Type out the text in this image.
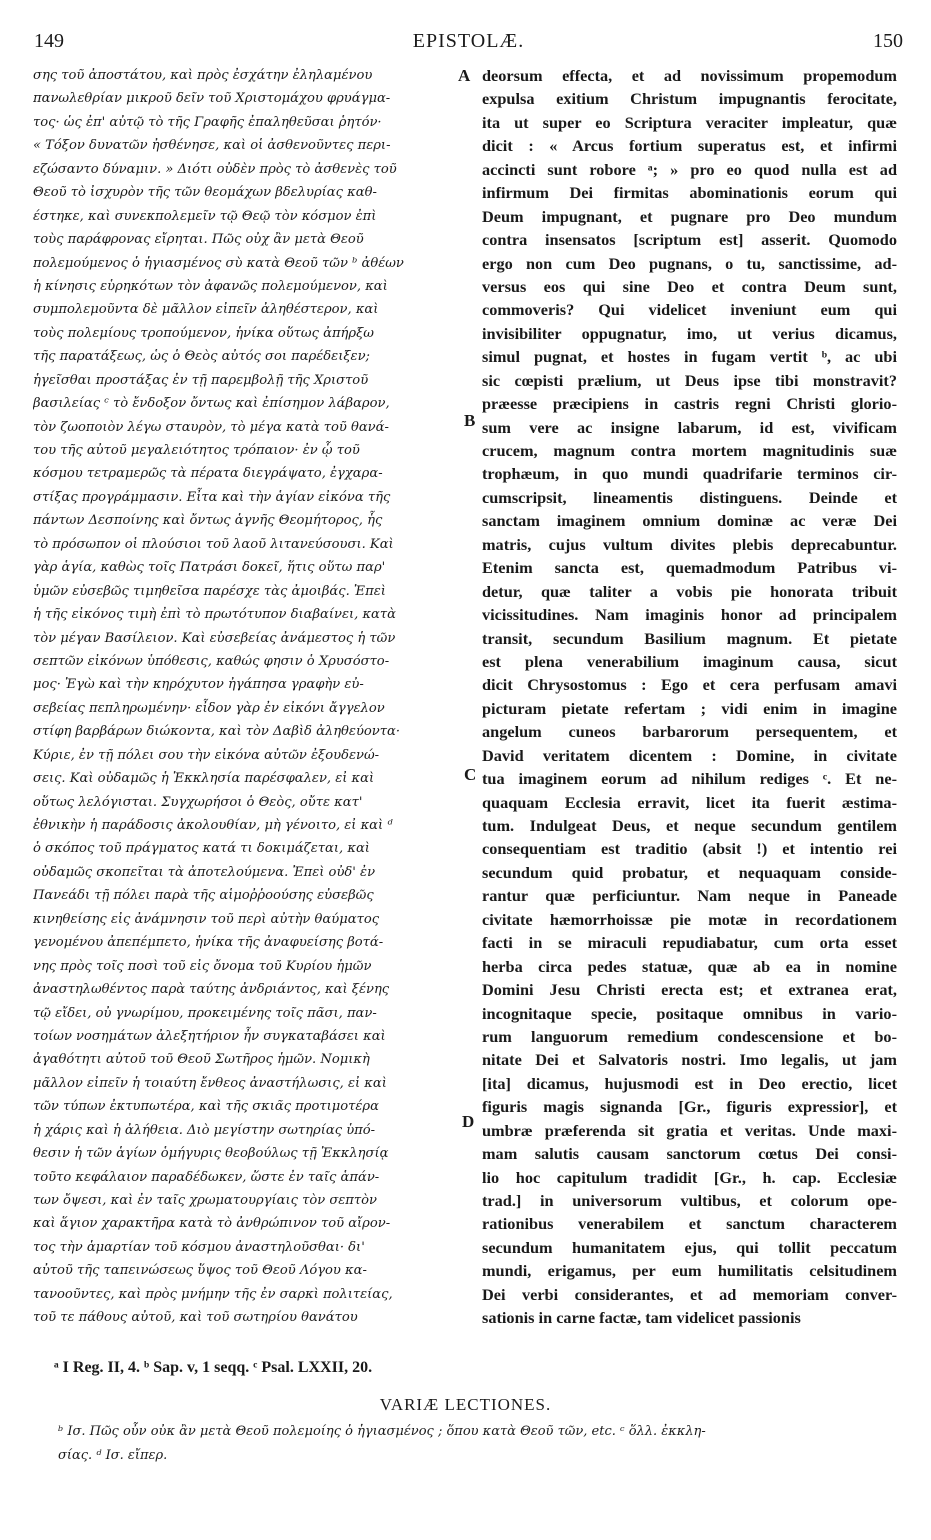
149	EPISTOLÆ.	150
σης τοῦ ἀποστάτου, καὶ πρὸς ἐσχάτην ἐληλαμένου
πανωλεθρίαν μικροῦ δεῖν τοῦ Χριστομάχου φρυάγμα-
τος· ὡς ἐπ' αὐτῷ τὸ τῆς Γραφῆς ἐπαληθεῦσαι ῥητόν·
« Τόξον δυνατῶν ἠσθένησε, καὶ οἱ ἀσθενοῦντες περι-
εζώσαντο δύναμιν. » Διότι οὐδὲν πρὸς τὸ ἀσθενὲς τοῦ
Θεοῦ τὸ ἰσχυρὸν τῆς τῶν θεομάχων βδελυρίας καθ-
έστηκε, καὶ συνεκπολεμεῖν τῷ Θεῷ τὸν κόσμον ἐπὶ
τοὺς παράφρονας εἴρηται. Πῶς οὐχ ἂν μετὰ Θεοῦ
πολεμούμενος ὁ ἡγιασμένος σὺ κατὰ Θεοῦ τῶν ᵇ ἀθέων
ἡ κίνησις εὑρηκότων τὸν ἀφανῶς πολεμούμενον, καὶ
συμπολεμοῦντα δὲ μᾶλλον εἰπεῖν ἀληθέστερον, καὶ
τοὺς πολεμίους τροπούμενον, ἡνίκα οὕτως ἀπήρξω
τῆς παρατάξεως, ὡς ὁ Θεὸς αὐτός σοι παρέδειξεν;
ἡγεῖσθαι προστάξας ἐν τῇ παρεμβολῇ τῆς Χριστοῦ
βασιλείας ᶜ τὸ ἔνδοξον ὄντως καὶ ἐπίσημον λάβαρον,
τὸν ζωοποιὸν λέγω σταυρὸν, τὸ μέγα κατὰ τοῦ θανά-
του τῆς αὐτοῦ μεγαλειότητος τρόπαιον· ἐν ᾧ τοῦ
κόσμου τετραμερῶς τὰ πέρατα διεγράψατο, ἐγχαρα-
στίξας προγράμμασιν. Εἶτα καὶ τὴν ἁγίαν εἰκόνα τῆς
πάντων Δεσποίνης καὶ ὄντως ἁγνῆς Θεομήτορος, ἧς
τὸ πρόσωπον οἱ πλούσιοι τοῦ λαοῦ λιτανεύσουσι. Καὶ
γὰρ ἁγία, καθὼς τοῖς Πατράσι δοκεῖ, ἥτις οὕτω παρ'
ὑμῶν εὐσεβῶς τιμηθεῖσα παρέσχε τὰς ἀμοιβάς. Ἐπεὶ
ἡ τῆς εἰκόνος τιμὴ ἐπὶ τὸ πρωτότυπον διαβαίνει, κατὰ
τὸν μέγαν Βασίλειον. Καὶ εὐσεβείας ἀνάμεστος ἡ τῶν
σεπτῶν εἰκόνων ὑπόθεσις, καθώς φησιν ὁ Χρυσόστο-
μος· Ἐγὼ καὶ τὴν κηρόχυτον ἠγάπησα γραφὴν εὐ-
σεβείας πεπληρωμένην· εἶδον γὰρ ἐν εἰκόνι ἄγγελον
στίφη βαρβάρων διώκοντα, καὶ τὸν Δαβὶδ ἀληθεύοντα·
Κύριε, ἐν τῇ πόλει σου τὴν εἰκόνα αὐτῶν ἐξουδενώ-
σεις. Καὶ οὐδαμῶς ἡ Ἐκκλησία παρέσφαλεν, εἰ καὶ
οὕτως λελόγισται. Συγχωρήσοι ὁ Θεὸς, οὔτε κατ'
ἐθνικὴν ἡ παράδοσις ἀκολουθίαν, μὴ γένοιτο, εἰ καὶ ᵈ
ὁ σκόπος τοῦ πράγματος κατά τι δοκιμάζεται, καὶ
οὐδαμῶς σκοπεῖται τὰ ἀποτελούμενα. Ἐπεὶ οὐδ' ἐν
Πανεάδι τῇ πόλει παρὰ τῆς αἱμοῤῥοούσης εὐσεβῶς
κινηθείσης εἰς ἀνάμνησιν τοῦ περὶ αὐτὴν θαύματος
γενομένου ἀπεπέμπετο, ἡνίκα τῆς ἀναφυείσης βοτά-
νης πρὸς τοῖς ποσὶ τοῦ εἰς ὄνομα τοῦ Κυρίου ἡμῶν
ἀναστηλωθέντος παρὰ ταύτης ἀνδριάντος, καὶ ξένης
τῷ εἴδει, οὐ γνωρίμου, προκειμένης τοῖς πᾶσι, παν-
τοίων νοσημάτων ἀλεξητήριον ἦν συγκαταβάσει καὶ
ἀγαθότητι αὐτοῦ τοῦ Θεοῦ Σωτῆρος ἡμῶν. Νομικὴ
μᾶλλον εἰπεῖν ἡ τοιαύτη ἔνθεος ἀναστήλωσις, εἰ καὶ
τῶν τύπων ἐκτυπωτέρα, καὶ τῆς σκιᾶς προτιμοτέρα
ἡ χάρις καὶ ἡ ἀλήθεια. Διὸ μεγίστην σωτηρίας ὑπό-
θεσιν ἡ τῶν ἁγίων ὁμήγυρις θεοβούλως τῇ Ἐκκλησίᾳ
τοῦτο κεφάλαιον παραδέδωκεν, ὥστε ἐν ταῖς ἁπάν-
των ὄψεσι, καὶ ἐν ταῖς χρωματουργίαις τὸν σεπτὸν
καὶ ἅγιον χαρακτῆρα κατὰ τὸ ἀνθρώπινον τοῦ αἴρον-
τος τὴν ἁμαρτίαν τοῦ κόσμου ἀναστηλοῦσθαι· δι'
αὐτοῦ τῆς ταπεινώσεως ὕψος τοῦ Θεοῦ Λόγου κα-
τανοοῦντες, καὶ πρὸς μνήμην τῆς ἐν σαρκὶ πολιτείας,
τοῦ τε πάθους αὐτοῦ, καὶ τοῦ σωτηρίου θανάτου
deorsum effecta, et ad novissimum propemodum
expulsa exitium Christum impugnantis ferocitate,
ita ut super eo Scriptura veraciter impleatur, quæ
dicit : « Arcus fortium superatus est, et infirmi
accincti sunt robore ᵃ; » pro eo quod nulla est ad
infirmum Dei firmitas abominationis eorum qui
Deum impugnant, et pugnare pro Deo mundum
contra insensatos [scriptum est] asserit. Quomodo
ergo non cum Deo pugnans, o tu, sanctissime, ad-
versus eos qui sine Deo et contra Deum sunt,
commoveris? Qui videlicet inveniunt eum qui
invisibiliter oppugnatur, imo, ut verius dicamus,
simul pugnat, et hostes in fugam vertit ᵇ, ac ubi
sic cœpisti prælium, ut Deus ipse tibi monstravit?
præesse præcipiens in castris regni Christi glorio-
sum vere ac insigne labarum, id est, vivificam
crucem, magnum contra mortem magnitudinis suæ
trophæum, in quo mundi quadrifarie terminos cir-
cumscripsit, lineamentis distinguens. Deinde et
sanctam imaginem omnium dominæ ac veræ Dei
matris, cujus vultum divites plebis deprecabuntur.
Etenim sancta est, quemadmodum Patribus vi-
detur, quæ taliter a vobis pie honorata tribuit
vicissitudines. Nam imaginis honor ad principalem
transit, secundum Basilium magnum. Et pietate
est plena venerabilium imaginum causa, sicut
dicit Chrysostomus : Ego et cera perfusam amavi
picturam pietate refertam ; vidi enim in imagine
angelum cuneos barbarorum persequentem, et
David veritatem dicentem : Domine, in civitate
tua imaginem eorum ad nihilum rediges ᶜ. Et ne-
quaquam Ecclesia erravit, licet ita fuerit æstima-
tum. Indulgeat Deus, et neque secundum gentilem
consequentiam est traditio (absit !) et intentio rei
secundum quid probatur, et nequaquam conside-
rantur quæ perficiuntur. Nam neque in Paneade
civitate hæmorrhoissæ pie motæ in recordationem
facti in se miraculi repudiabatur, cum orta esset
herba circa pedes statuæ, quæ ab ea in nomine
Domini Jesu Christi erecta est; et extranea erat,
incognitaque specie, positaque omnibus in vario-
rum languorum remedium condescensione et bo-
nitate Dei et Salvatoris nostri. Imo legalis, ut jam
[ita] dicamus, hujusmodi est in Deo erectio, licet
figuris magis signanda [Gr., figuris expressior], et
umbræ præferenda sit gratia et veritas. Unde maxi-
mam salutis causam sanctorum cœtus Dei consi-
lio hoc capitulum tradidit [Gr., h. cap. Ecclesiæ
trad.] in universorum vultibus, et colorum ope-
rationibus venerabilem et sanctum characterem
secundum humanitatem ejus, qui tollit peccatum
mundi, erigamus, per eum humilitatis celsitudinem
Dei verbi considerantes, et ad memoriam conver-
sationis in carne factæ, tam videlicet passionis
A
B
C
D
ᵃ I Reg. II, 4. ᵇ Sap. v, 1 seqq. ᶜ Psal. LXXII, 20.
VARIÆ LECTIONES.
ᵇ Ισ. Πῶς οὖν οὐκ ἂν μετὰ Θεοῦ πολεμοίης ὁ ἡγιασμένος ; ὅπου κατὰ Θεοῦ τῶν, etc. ᶜ ὅλλ. ἐκκλη-
σίας. ᵈ Ισ. εἴπερ.
